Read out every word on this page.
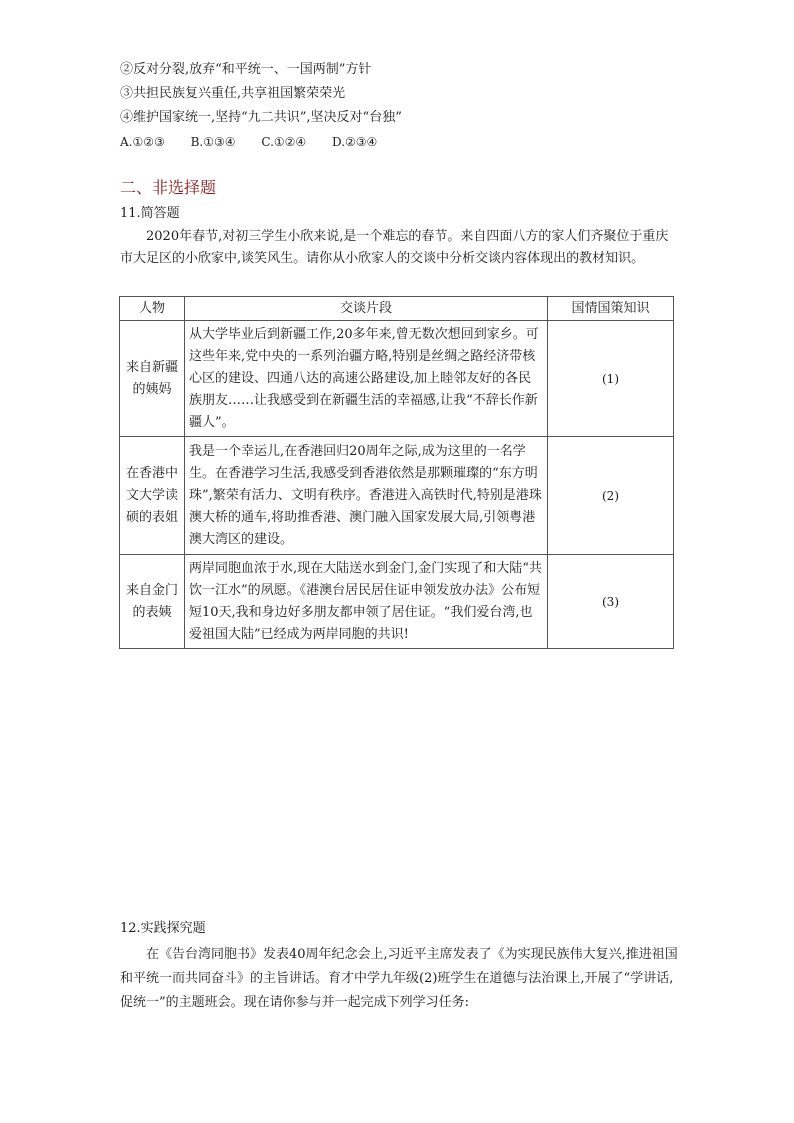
②反对分裂,放弃“和平统一、一国两制”方针
③共担民族复兴重任,共享祖国繁荣荣光
④维护国家统一,坚持“九二共识”,坚决反对“台独”
A.①②③ B.①③④ C.①②④ D.②③④
二、非选择题
11.简答题
2020年春节,对初三学生小欣来说,是一个难忘的春节。来自四面八方的家人们齐聚位于重庆市大足区的小欣家中,谈笑风生。请你从小欣家人的交谈中分析交谈内容体现出的教材知识。
人物	交谈片段	国情国策知识
来自新疆的姨妈	从大学毕业后到新疆工作,20多年来,曾无数次想回到家乡。可这些年来,党中央的一系列治疆方略,特别是丝绸之路经济带核心区的建设、四通八达的高速公路建设,加上睦邻友好的各民族朋友……让我感受到在新疆生活的幸福感,让我“不辞长作新疆人”。	(1)
在香港中文大学读硕的表姐	我是一个幸运儿,在香港回归20周年之际,成为这里的一名学生。在香港学习生活,我感受到香港依然是那颗璀璨的“东方明珠”,繁荣有活力、文明有秩序。香港进入高铁时代,特别是港珠澳大桥的通车,将助推香港、澳门融入国家发展大局,引领粤港澳大湾区的建设。	(2)
来自金门的表姨	两岸同胞血浓于水,现在大陆送水到金门,金门实现了和大陆“共饮一江水”的夙愿。《港澳台居民居住证申领发放办法》公布短短10天,我和身边好多朋友都申领了居住证。“我们爱台湾,也爱祖国大陆”已经成为两岸同胞的共识!	(3)
12.实践探究题
在《告台湾同胞书》发表40周年纪念会上,习近平主席发表了《为实现民族伟大复兴,推进祖国和平统一而共同奋斗》的主旨讲话。育才中学九年级(2)班学生在道德与法治课上,开展了“学讲话,促统一”的主题班会。现在请你参与并一起完成下列学习任务:
